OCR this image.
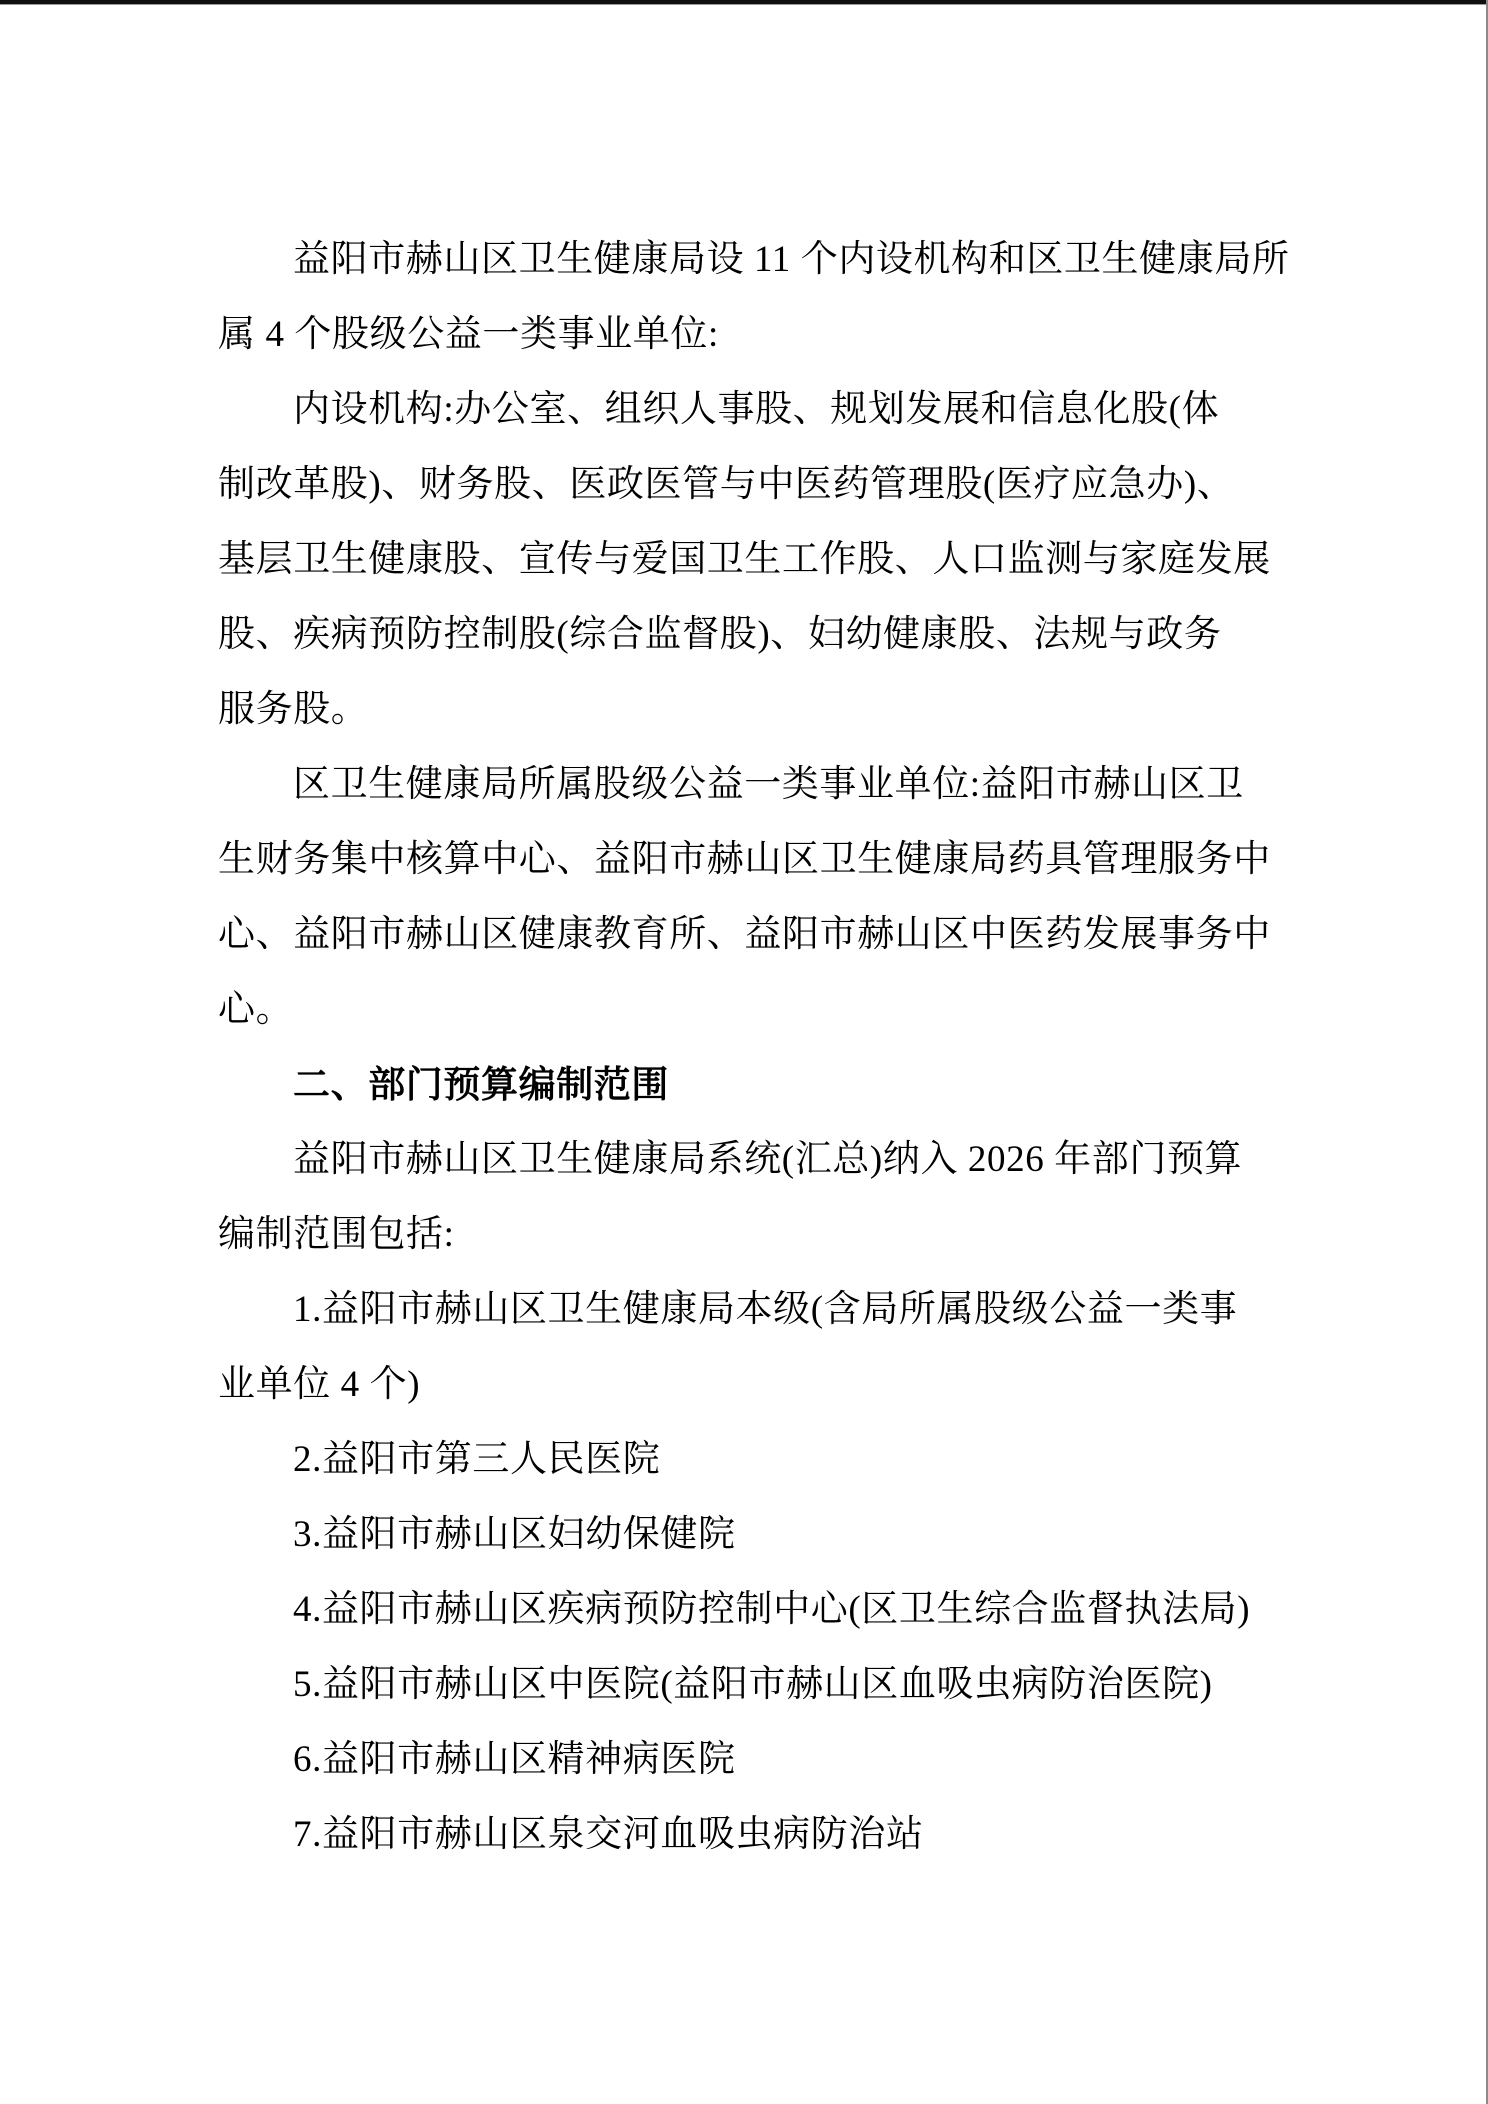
益阳市赫山区卫生健康局设 11 个内设机构和区卫生健康局所
属 4 个股级公益一类事业单位:
内设机构:办公室、组织人事股、规划发展和信息化股(体
制改革股)、财务股、医政医管与中医药管理股(医疗应急办)、
基层卫生健康股、宣传与爱国卫生工作股、人口监测与家庭发展
股、疾病预防控制股(综合监督股)、妇幼健康股、法规与政务
服务股。
区卫生健康局所属股级公益一类事业单位:益阳市赫山区卫
生财务集中核算中心、益阳市赫山区卫生健康局药具管理服务中
心、益阳市赫山区健康教育所、益阳市赫山区中医药发展事务中
心。
二、部门预算编制范围
益阳市赫山区卫生健康局系统(汇总)纳入 2026 年部门预算
编制范围包括:
1.益阳市赫山区卫生健康局本级(含局所属股级公益一类事
业单位 4 个)
2.益阳市第三人民医院
3.益阳市赫山区妇幼保健院
4.益阳市赫山区疾病预防控制中心(区卫生综合监督执法局)
5.益阳市赫山区中医院(益阳市赫山区血吸虫病防治医院)
6.益阳市赫山区精神病医院
7.益阳市赫山区泉交河血吸虫病防治站
